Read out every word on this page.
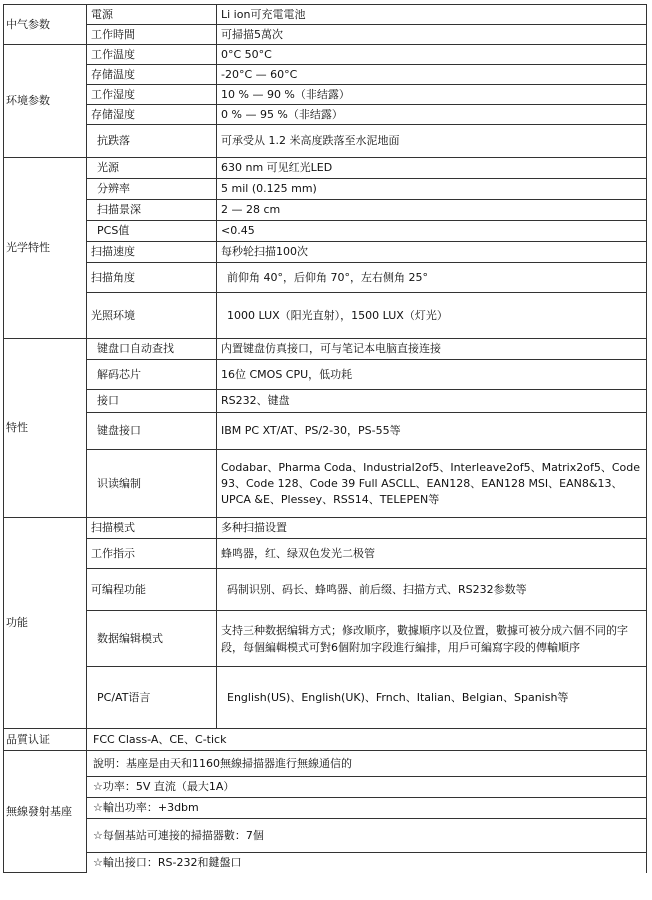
中气参数	電源	Li ion可充電電池
	工作時間	可掃描5萬次
环境参数	工作温度	0°C 50°C
	存储温度	-20°C — 60°C
	工作湿度	10 % — 90 %（非结露）
	存储湿度	0 % — 95 %（非结露）
	抗跌落	可承受从 1.2 米高度跌落至水泥地面
光学特性	光源	630 nm 可见红光LED
	分辨率	5 mil (0.125 mm)
	扫描景深	2 — 28 cm
	PCS值	<0.45
	扫描速度	每秒轮扫描100次
	扫描角度	前仰角 40°，后仰角 70°，左右侧角 25°
	光照环境	1000 LUX（阳光直射），1500 LUX（灯光）
特性	键盘口自动查找	内置键盘仿真接口，可与笔记本电脑直接连接
	解码芯片	16位 CMOS CPU，低功耗
	接口	RS232、键盘
	键盘接口	IBM PC XT/AT、PS/2-30，PS-55等
	识读编制	Codabar、Pharma Coda、Industrial2of5、Interleave2of5、Matrix2of5、Code 93、Code 128、Code 39 Full ASCLL、EAN128、EAN128 MSI、EAN8&13、UPCA &E、Plessey、RSS14、TELEPEN等
功能	扫描模式	多种扫描设置
	工作指示	蜂鸣器，红、绿双色发光二极管
	可编程功能	码制识别、码长、蜂鸣器、前后缀、扫描方式、RS232参数等
	数据编辑模式	支持三种数据编辑方式；修改顺序，數據順序以及位置，數據可被分成六個不同的字段，每個編輯模式可對6個附加字段進行編排，用戶可編寫字段的傳輸順序
	PC/AT语言	English(US)、English(UK)、Frnch、Italian、Belgian、Spanish等
品質认证	FCC Class-A、CE、C-tick	
無線發射基座	說明：基座是由天和1160無線掃描器進行無線通信的	
	☆功率：5V 直流（最大1A）	
	☆輸出功率：+3dbm	
	☆每個基站可連接的掃描器數：7個	
	☆輸出接口：RS-232和鍵盤口	
